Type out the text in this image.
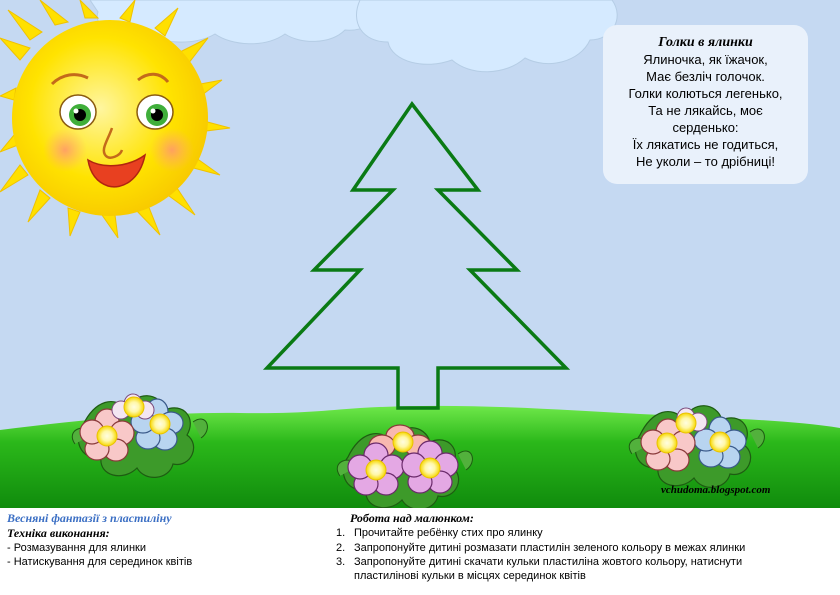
Голки в ялинки
Ялиночка, як їжачок,
Має безліч голочок.
Голки колються легенько,
Та не лякайсь, моє
серденько:
Їх лякатись не годиться,
Не уколи – то дрібниці!
vchudoma.blogspot.com
Весняні фантазії з пластиліну
Техніка виконання:
- Розмазування для ялинки
- Натискування для серединок квітів
Робота над малюнком:
1. Прочитайте ребёнку стих про ялинку
2. Запропонуйте дитині розмазати пластилін зеленого кольору в межах ялинки
3. Запропонуйте дитині скачати кульки пластиліна жовтого кольору, натиснути пластилінові кульки в місцях серединок квітів
